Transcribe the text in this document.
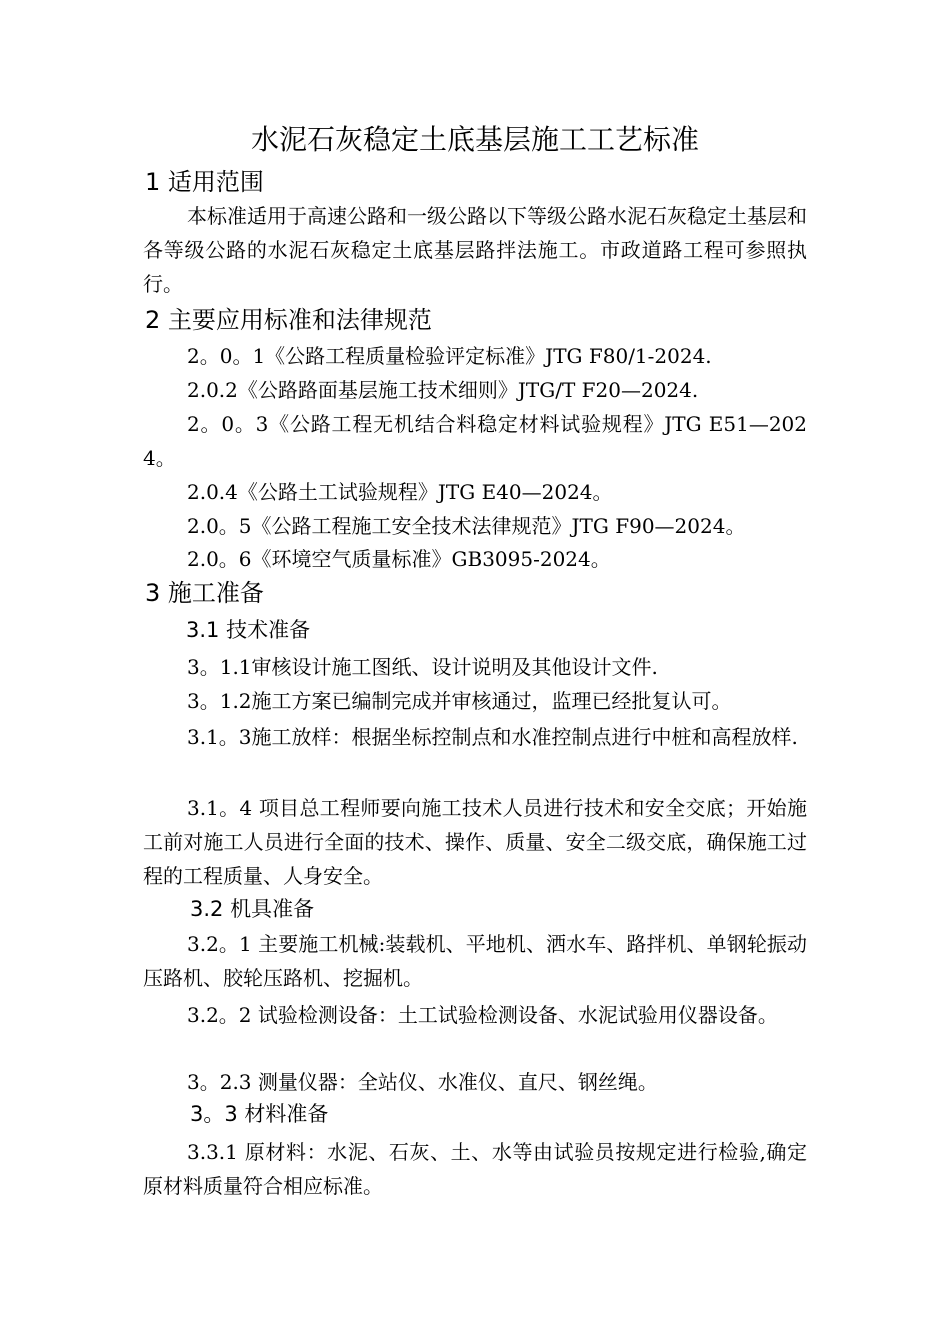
水泥石灰稳定土底基层施工工艺标准
1 适用范围
本标准适用于高速公路和一级公路以下等级公路水泥石灰稳定土基层和各等级公路的水泥石灰稳定土底基层路拌法施工。市政道路工程可参照执行。
2 主要应用标准和法律规范
2。0。1《公路工程质量检验评定标准》JTG F80/1-2024.
2.0.2《公路路面基层施工技术细则》JTG/T F20—2024.
2。0。3《公路工程无机结合料稳定材料试验规程》JTG E51—2024。
2.0.4《公路土工试验规程》JTG E40—2024。
2.0。5《公路工程施工安全技术法律规范》JTG F90—2024。
2.0。6《环境空气质量标准》GB3095-2024。
3 施工准备
3.1 技术准备
3。1.1审核设计施工图纸、设计说明及其他设计文件.
3。1.2施工方案已编制完成并审核通过，监理已经批复认可。
3.1。3施工放样：根据坐标控制点和水准控制点进行中桩和高程放样.
3.1。4 项目总工程师要向施工技术人员进行技术和安全交底；开始施工前对施工人员进行全面的技术、操作、质量、安全二级交底，确保施工过程的工程质量、人身安全。
3.2 机具准备
3.2。1 主要施工机械:装载机、平地机、洒水车、路拌机、单钢轮振动压路机、胶轮压路机、挖掘机。
3.2。2 试验检测设备：土工试验检测设备、水泥试验用仪器设备。
3。2.3 测量仪器：全站仪、水准仪、直尺、钢丝绳。
3。3 材料准备
3.3.1 原材料：水泥、石灰、土、水等由试验员按规定进行检验,确定原材料质量符合相应标准。
